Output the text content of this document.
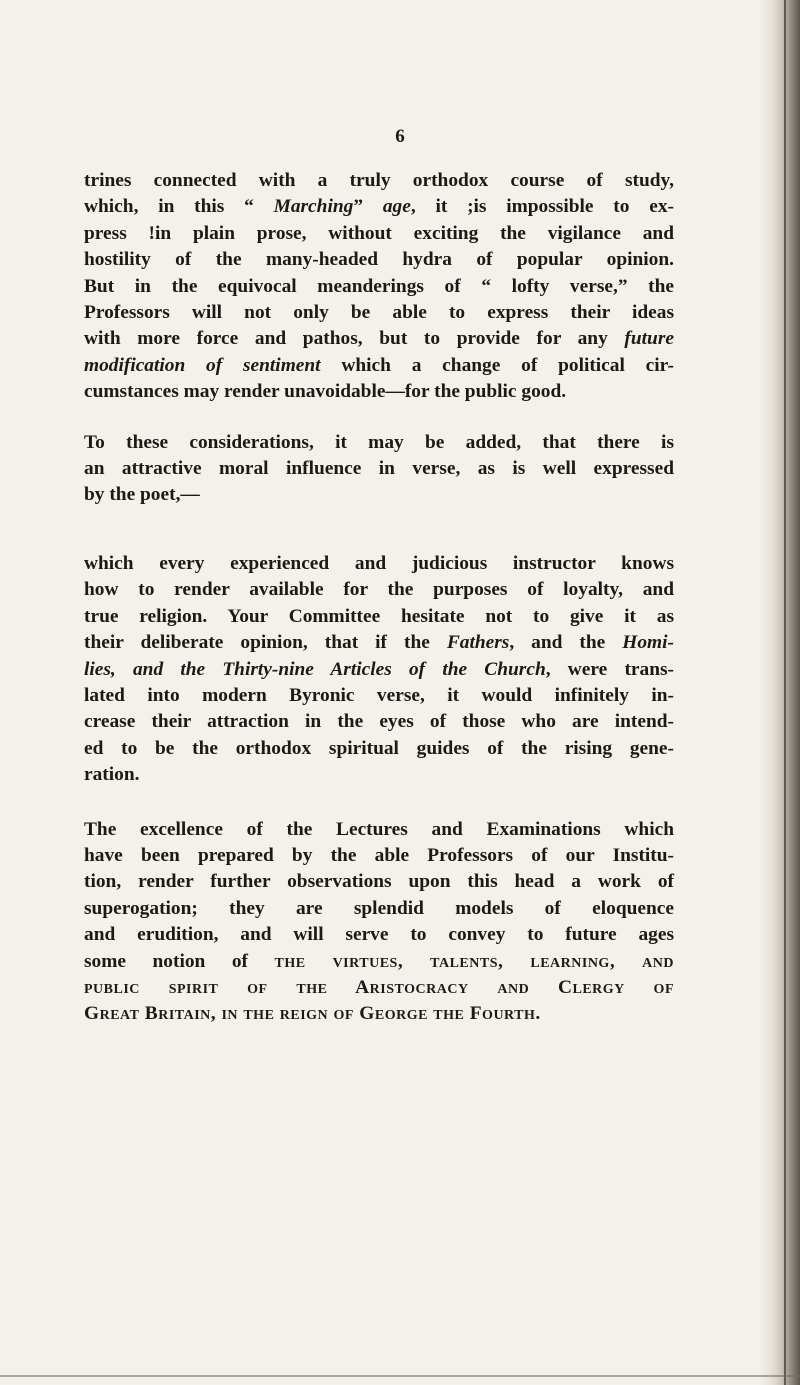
6
trines connected with a truly orthodox course of study,
which, in this “ Marching” age, it ;is impossible to ex-
press !in plain prose, without exciting the vigilance and
hostility of the many-headed hydra of popular opinion.
But in the equivocal meanderings of “ lofty verse,” the
Professors will not only be able to express their ideas
with more force and pathos, but to provide for any future
modification of sentiment which a change of political cir-
cumstances may render unavoidable—for the public good.
To these considerations, it may be added, that there is
an attractive moral influence in verse, as is well expressed
by the poet,—
which every experienced and judicious instructor knows
how to render available for the purposes of loyalty, and
true religion. Your Committee hesitate not to give it as
their deliberate opinion, that if the Fathers, and the Homi-
lies, and the Thirty-nine Articles of the Church, were trans-
lated into modern Byronic verse, it would infinitely in-
crease their attraction in the eyes of those who are intend-
ed to be the orthodox spiritual guides of the rising gene-
ration.
The excellence of the Lectures and Examinations which
have been prepared by the able Professors of our Institu-
tion, render further observations upon this head a work of
superogation; they are splendid models of eloquence
and erudition, and will serve to convey to future ages
some notion of the virtues, talents, learning, and
public spirit of the Aristocracy and Clergy of
Great Britain, in the reign of George the Fourth.
